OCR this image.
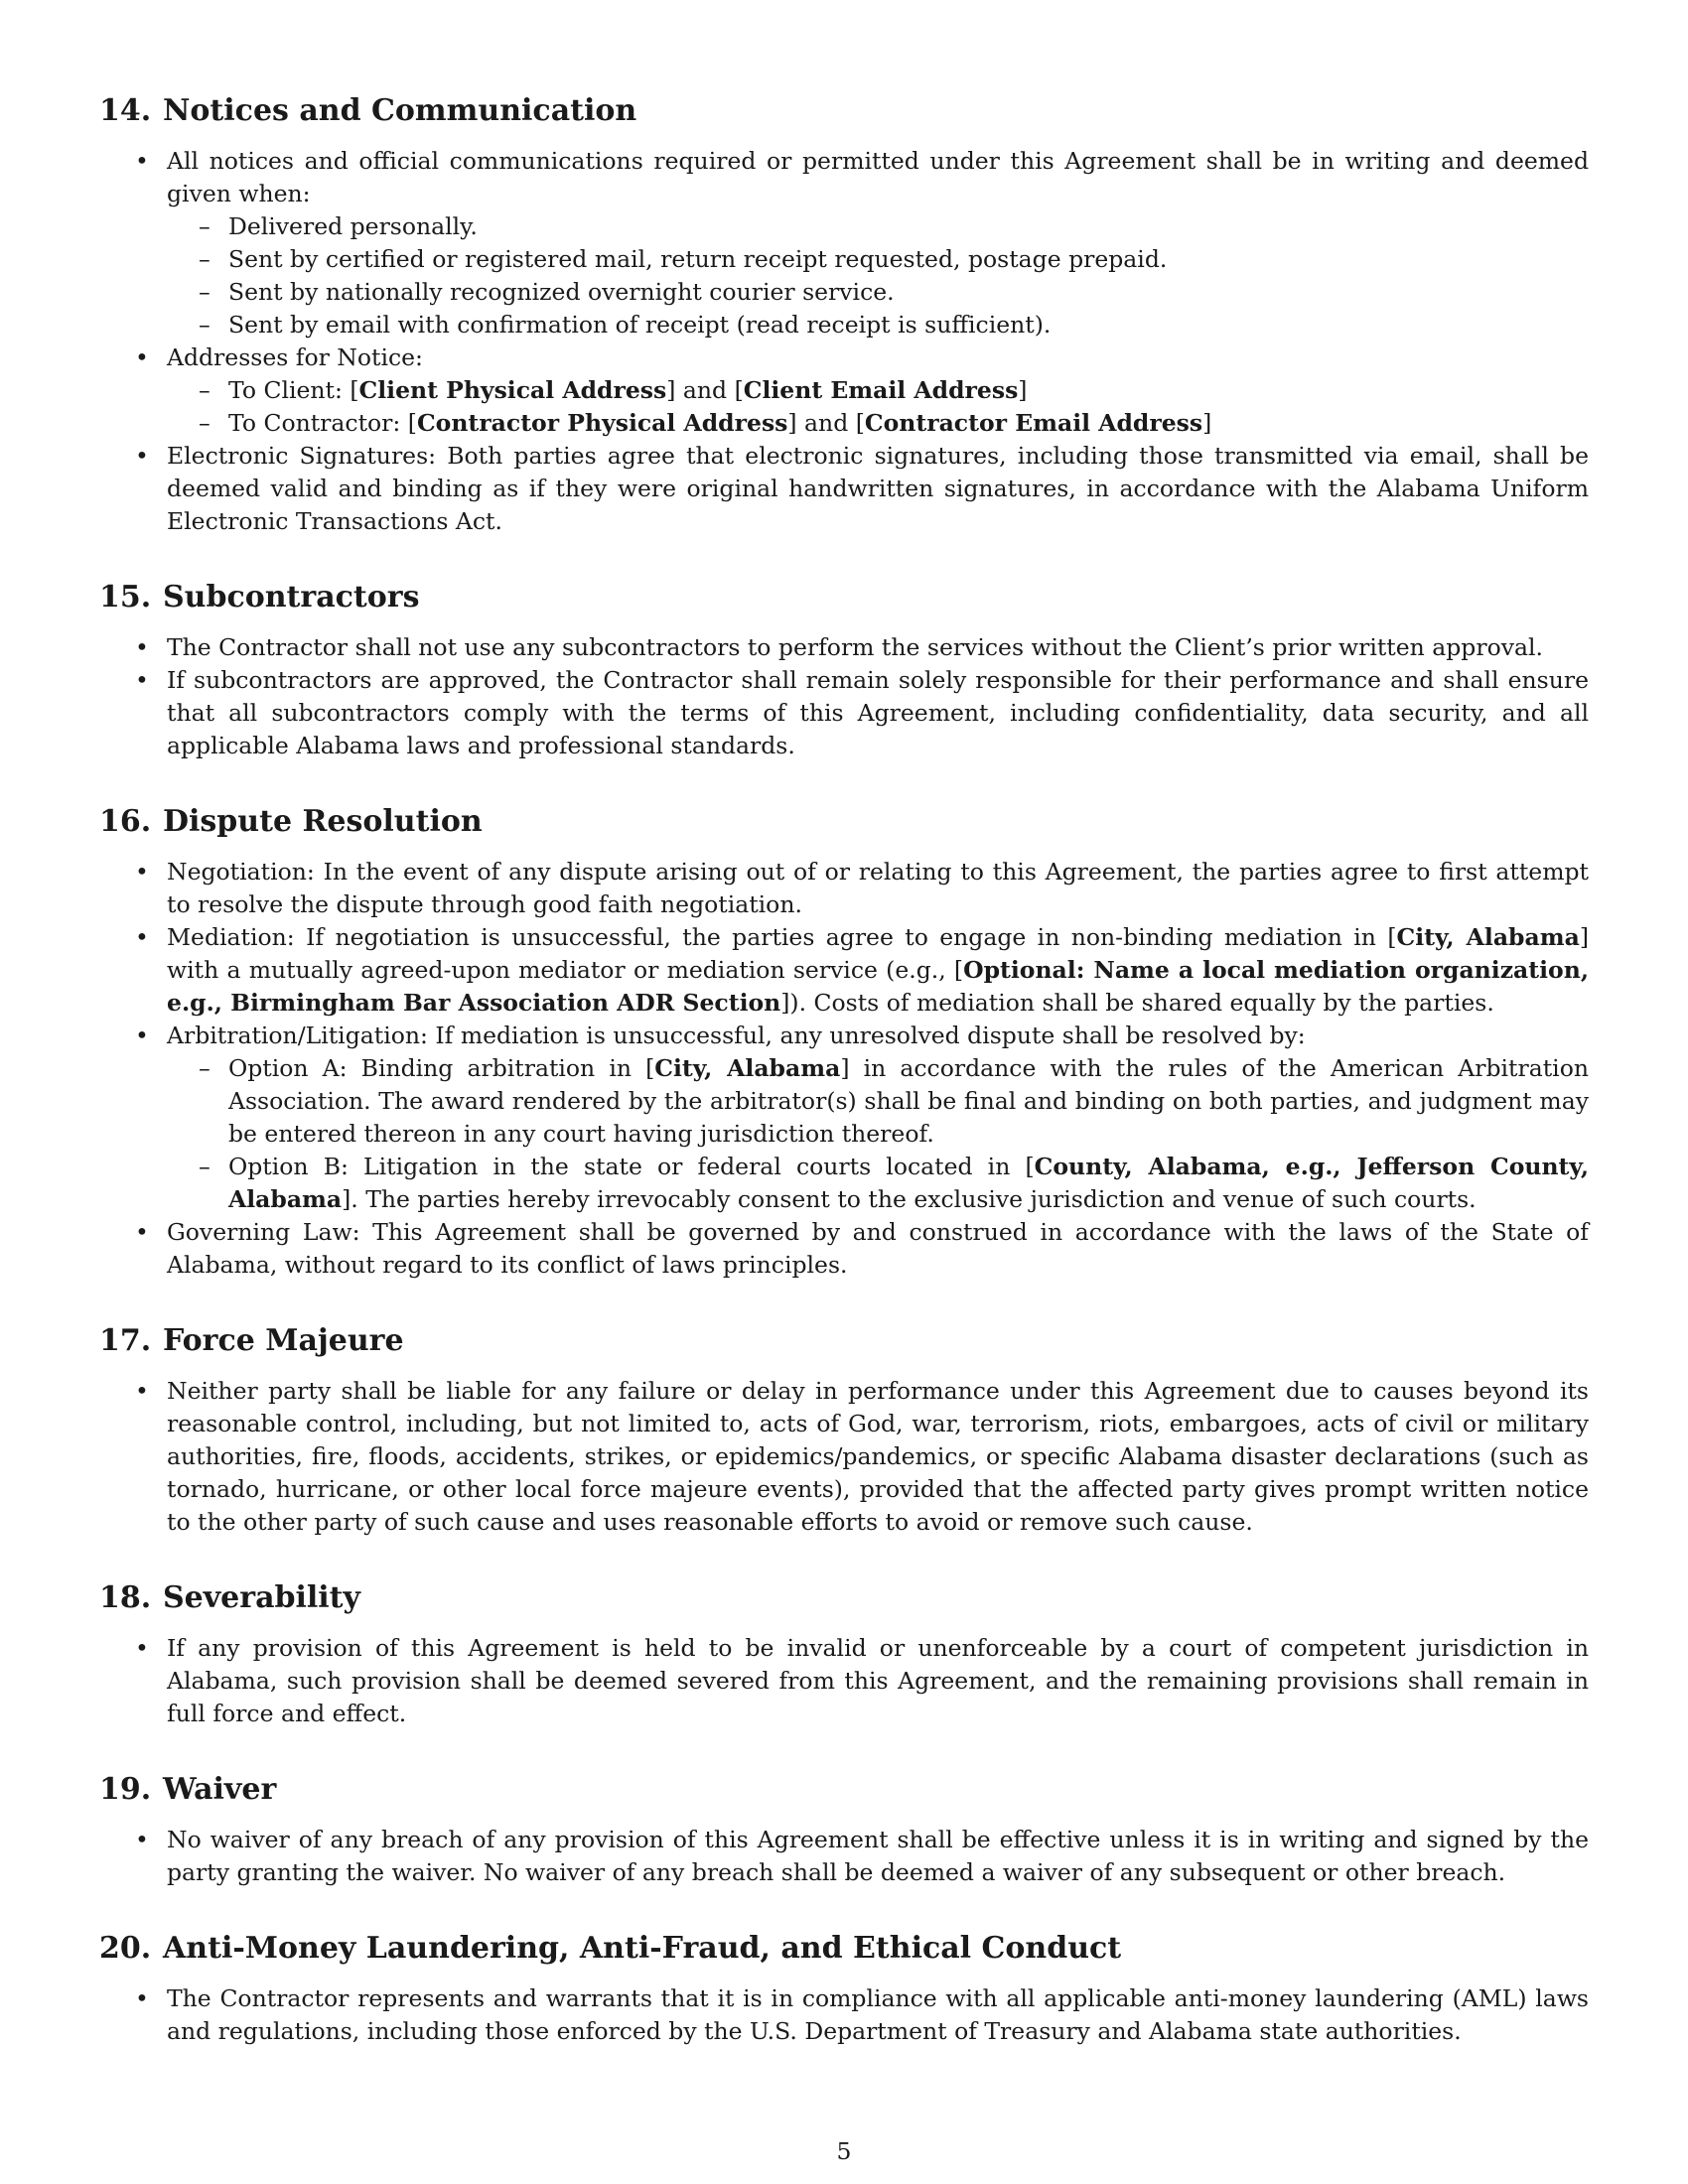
14. Notices and Communication
• All notices and official communications required or permitted under this Agreement shall be in writing and deemed given when:
– Delivered personally.
– Sent by certified or registered mail, return receipt requested, postage prepaid.
– Sent by nationally recognized overnight courier service.
– Sent by email with confirmation of receipt (read receipt is sufficient).
• Addresses for Notice:
– To Client: [Client Physical Address] and [Client Email Address]
– To Contractor: [Contractor Physical Address] and [Contractor Email Address]
• Electronic Signatures: Both parties agree that electronic signatures, including those transmitted via email, shall be deemed valid and binding as if they were original handwritten signatures, in accordance with the Alabama Uniform Electronic Transactions Act.
15. Subcontractors
• The Contractor shall not use any subcontractors to perform the services without the Client’s prior written approval.
• If subcontractors are approved, the Contractor shall remain solely responsible for their performance and shall ensure that all subcontractors comply with the terms of this Agreement, including confidentiality, data security, and all applicable Alabama laws and professional standards.
16. Dispute Resolution
• Negotiation: In the event of any dispute arising out of or relating to this Agreement, the parties agree to first attempt to resolve the dispute through good faith negotiation.
• Mediation: If negotiation is unsuccessful, the parties agree to engage in non-binding mediation in [City, Alabama] with a mutually agreed-upon mediator or mediation service (e.g., [Optional: Name a local mediation organization, e.g., Birmingham Bar Association ADR Section]). Costs of mediation shall be shared equally by the parties.
• Arbitration/Litigation: If mediation is unsuccessful, any unresolved dispute shall be resolved by:
– Option A: Binding arbitration in [City, Alabama] in accordance with the rules of the American Arbitration Association. The award rendered by the arbitrator(s) shall be final and binding on both parties, and judgment may be entered thereon in any court having jurisdiction thereof.
– Option B: Litigation in the state or federal courts located in [County, Alabama, e.g., Jefferson County, Alabama]. The parties hereby irrevocably consent to the exclusive jurisdiction and venue of such courts.
• Governing Law: This Agreement shall be governed by and construed in accordance with the laws of the State of Alabama, without regard to its conflict of laws principles.
17. Force Majeure
• Neither party shall be liable for any failure or delay in performance under this Agreement due to causes beyond its reasonable control, including, but not limited to, acts of God, war, terrorism, riots, embargoes, acts of civil or military authorities, fire, floods, accidents, strikes, or epidemics/pandemics, or specific Alabama disaster declarations (such as tornado, hurricane, or other local force majeure events), provided that the affected party gives prompt written notice to the other party of such cause and uses reasonable efforts to avoid or remove such cause.
18. Severability
• If any provision of this Agreement is held to be invalid or unenforceable by a court of competent jurisdiction in Alabama, such provision shall be deemed severed from this Agreement, and the remaining provisions shall remain in full force and effect.
19. Waiver
• No waiver of any breach of any provision of this Agreement shall be effective unless it is in writing and signed by the party granting the waiver. No waiver of any breach shall be deemed a waiver of any subsequent or other breach.
20. Anti-Money Laundering, Anti-Fraud, and Ethical Conduct
• The Contractor represents and warrants that it is in compliance with all applicable anti-money laundering (AML) laws and regulations, including those enforced by the U.S. Department of Treasury and Alabama state authorities.
5
